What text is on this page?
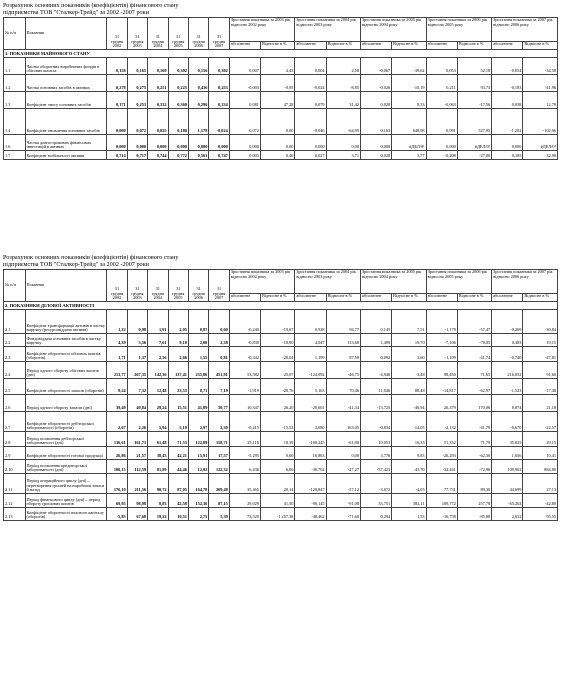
Розрахунок основних показників (коефіцієнтів) фінансового стану
підприємства ТОВ "Сталкер-Трейд" за 2002 -2007 роки
№ п/п	Показник	31 грудня 2002	31 грудня 2003	31 грудня 2004	31 грудня 2005	31 грудня 2006	31 грудня 2007	Зростання показника за 2003 рік відносно 2002 року		Зростання показника за 2004 рік відносно 2003 року		Зростання показника за 2005 рік відносно 2004 року		Зростання показника за 2006 рік відносно 2005 року		Зростання показника за 2007 рік відносно 2006 року	
								абсолютне	Відносне в %	абсолютне	Відносне в %	абсолютне	Відносне в %	абсолютне	Відносне в %	абсолютне	Відносне в %
1. ПОКАЗНИКИ МАЙНОВОГО СТАНУ																	
1.1	Частка оборотних виробничих фондів в обігових коштах	0,158	0,165	0,169	0,302	0,156	0,302	0,007	4,43	0,004	2,58	-0,067	-39,62	0,053	52,18	-0,054	-34,58
1.2	Частка основних засобів в активах	0,278	0,275	0,251	0,225	0,436	0,253	-0,003	-0,95	-0,024	-8,85	-0,026	-10,19	0,211	93,73	-0,183	-41,96
1.3	Коефіцієнт зносу основних засобів	0,171	0,253	0,332	0,360	0,296	0,334	0,081	47,28	0,079	31,42	0,028	8,33	-0,063	-17,56	0,038	12,79
1.4	Коефіцієнт оновлення основних засобів	0,000	0,072	0,025	0,180	1,178	-0,024	0,072	0,00	-0,046	-64,95	0,163	648,08	0,991	527,95	-1,202	-102,06
1.6	Частка довгострокових фінансових інвестицій в активах	0,000	0,000	0,000	0,000	0,000	0,000	0,000	0,00	0,000	0,00	0,000	#ДЕЛ/0!	0,000	#ДЕЛ/0!	0,000	#ДЕЛ/0!
1.7	Коефіцієнт мобільності активів	0,714	0,717	0,744	0,772	0,563	0,747	0,003	0,46	0,027	3,71	0,028	3,77	-0,208	-27,00	0,185	32,90
Розрахунок основних показників (коефіцієнтів) фінансового стану
підприємства ТОВ "Сталкер-Трейд" за 2002 -2007 роки
№ п/п	Показник	31 грудня 2002	31 грудня 2003	31 грудня 2004	31 грудня 2005	31 грудня 2006	31 грудня 2007	Зростання показника за 2003 рік відносно 2002 року		Зростання показника за 2004 рік відносно 2003 року		Зростання показника за 2005 рік відносно 2004 року		Зростання показника за 2006 рік відносно 2005 року		Зростання показника за 2007 рік відносно 2006 року	
								абсолютне	Відносне в %	абсолютне	Відносне в %	абсолютне	Відносне в %	абсолютне	Відносне в %	абсолютне	Відносне в %
2. ПОКАЗНИКИ ДІЛОВОЇ АКТИВНОСТІ																	
2.1	Коефіцієнт трансформації активів в частку виручку (ресурсовіддача активів)	1,22	0,98	1,91	2,05	0,87	0,60	-0,240	-19,67	0,928	94,77	0,145	7,51	-1,178	-57,47	-0,269	-30,84
2.2	Фондовіддача основних засобів в частку виручку	4,39	3,56	7,61	9,10	2,00	2,38	-0,830	-18,90	4,047	113,68	1,499	19,70	-7,106	-78,05	0,383	19,15
2.3	Коефіцієнт оборотності обігових коштів (оборотів)	1,71	1,37	2,56	2,66	1,55	0,81	-0,342	-20,04	1,199	87,58	0,092	3,60	-1,109	-41,74	-0,740	-47,81
2.4	Період одного обороту обігових коштів (дні)	213,77	267,35	142,36	137,41	235,86	451,91	53,582	25,07	-124,992	-46,75	-4,948	-3,48	98,450	71,65	216,052	91,60
2.5	Коефіцієнт оборотності запасів (оборотів)	9,24	7,32	12,48	23,53	8,71	7,19	-1,919	-20,76	5,163	70,46	11,046	88,48	-14,817	-62,97	-1,523	-17,48
2.6	Період одного обороту запасів (дні)	39,49	49,84	29,24	15,51	41,89	50,77	10,347	26,20	-20,601	-41,34	-13,725	-46,94	26,379	170,06	8,874	21,18
2.7	Коефіцієнт оборотності дебіторської заборгованості (оборотів)	2,67	2,26	5,94	5,10	2,97	2,30	-0,415	-15,53	3,680	163,05	-0,834	-14,05	-2,132	-41,79	-0,670	-22,57
2.8	Період погашення дебіторської заборгованості (дні)	136,61	161,73	61,48	71,53	122,89	158,71	25,118	18,39	-100,245	-61,98	10,053	16,35	51,352	71,79	35,825	29,15
2.9	Коефіцієнт оборотності готової продукції	26,86	21,57	38,43	42,21	15,91	17,57	-5,295	0,00	16,863	0,00	3,776	9,83	-26,293	-62,30	1,656	10,41
2.10	Період погашення кредиторської заборгованості (дні)	106,15	112,59	81,89	44,46	12,02	122,32	6,436	6,06	-30,702	-27,27	-37,423	-45,70	-32,441	-72,96	109,902	884,80
2.11	Період операційного циклу (дні) – перетворення грошей на виробничі запаси й назад	176,10	211,56	90,72	87,05	164,78	209,48	35,465	20,14	-120,847	-57,12	-3,672	-4,05	77,731	89,30	44,699	27,13
2.12	Період фінансового циклу (дні) – період обороту грошових коштів	69,95	98,98	8,83	42,58	152,36	87,15	29,029	41,50	-90,145	-91,08	33,751	382,11	109,772	257,78	-65,202	-42,80
2.13	Коефіцієнт оборотності власного капіталу (оборотів)	-5,85	67,68	19,22	19,51	2,75	5,39	73,529	-1 257,38	-48,462	-71,60	0,294	1,53	-16,758	-85,88	2,632	95,55
